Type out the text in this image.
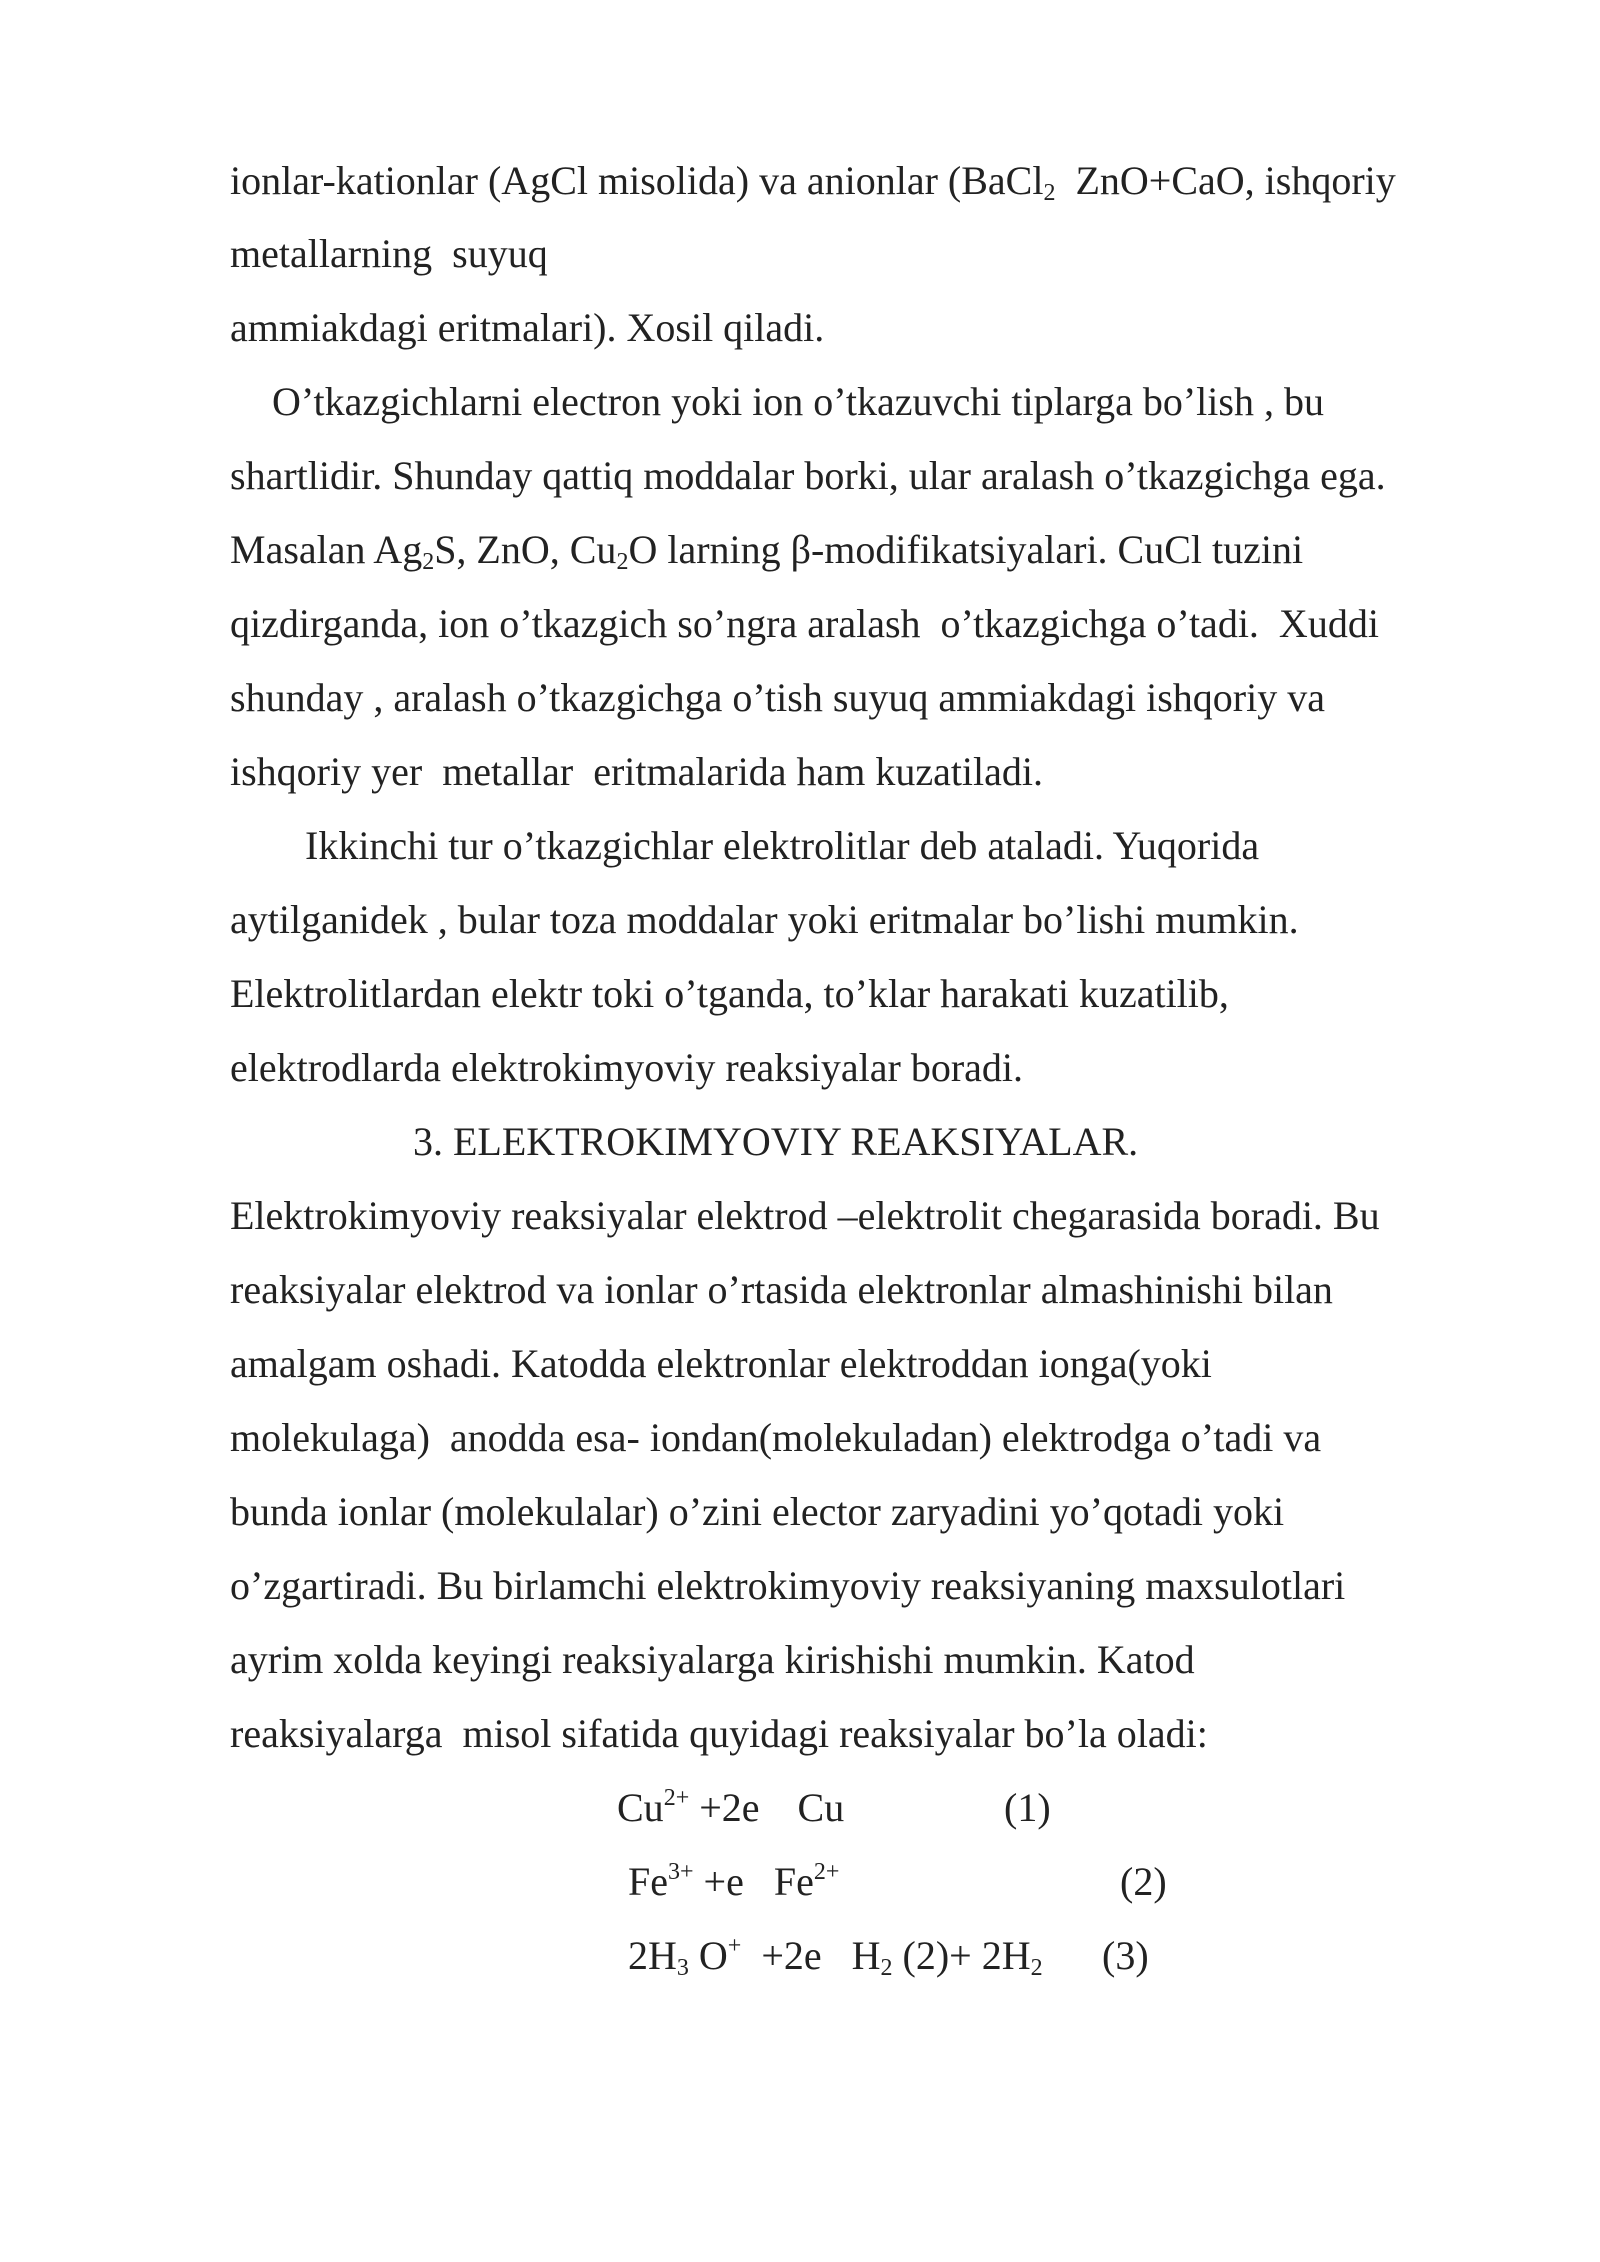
ionlar-kationlar (AgCl misolida) va anionlar (BaCl$_2$  ZnO+CaO, ishqoriy
metallarning  suyuq
ammiakdagi eritmalari). Xosil qiladi.
O’tkazgichlarni electron yoki ion o’tkazuvchi tiplarga bo’lish , bu
shartlidir. Shunday qattiq moddalar borki, ular aralash o’tkazgichga ega.
Masalan $Ag_2S$, ZnO, $Cu_2O$ larning β-modifikatsiyalari. CuCl tuzini
qizdirganda, ion o’tkazgich so’ngra aralash  o’tkazgichga o’tadi.  Xuddi
shunday , aralash o’tkazgichga o’tish suyuq ammiakdagi ishqoriy va
ishqoriy yer  metallar  eritmalarida ham kuzatiladi.
Ikkinchi tur o’tkazgichlar elektrolitlar deb ataladi. Yuqorida
aytilganidek , bular toza moddalar yoki eritmalar bo’lishi mumkin.
Elektrolitlardan elektr toki o’tganda, to’klar harakati kuzatilib,
elektrodlarda elektrokimyoviy reaksiyalar boradi.
3. ELEKTROKIMYOVIY REAKSIYALAR.
Elektrokimyoviy reaksiyalar elektrod –elektrolit chegarasida boradi. Bu
reaksiyalar elektrod va ionlar o’rtasida elektronlar almashinishi bilan
amalgam oshadi. Katodda elektronlar elektroddan ionga(yoki
molekulaga)  anodda esa- iondan(molekuladan) elektrodga o’tadi va
bunda ionlar (molekulalar) o’zini elector zaryadini yo’qotadi yoki
o’zgartiradi. Bu birlamchi elektrokimyoviy reaksiyaning maxsulotlari
ayrim xolda keyingi reaksiyalarga kirishishi mumkin. Katod
reaksiyalarga  misol sifatida quyidagi reaksiyalar bo’la oladi:
$Cu^{2+} +2e$ Cu	(1)
$Fe^{3+} +e$ $Fe^{2+}$	(2)
$2H_3$ O+  +2e $H_2$ $(2)+ 2H_2$ (3)
